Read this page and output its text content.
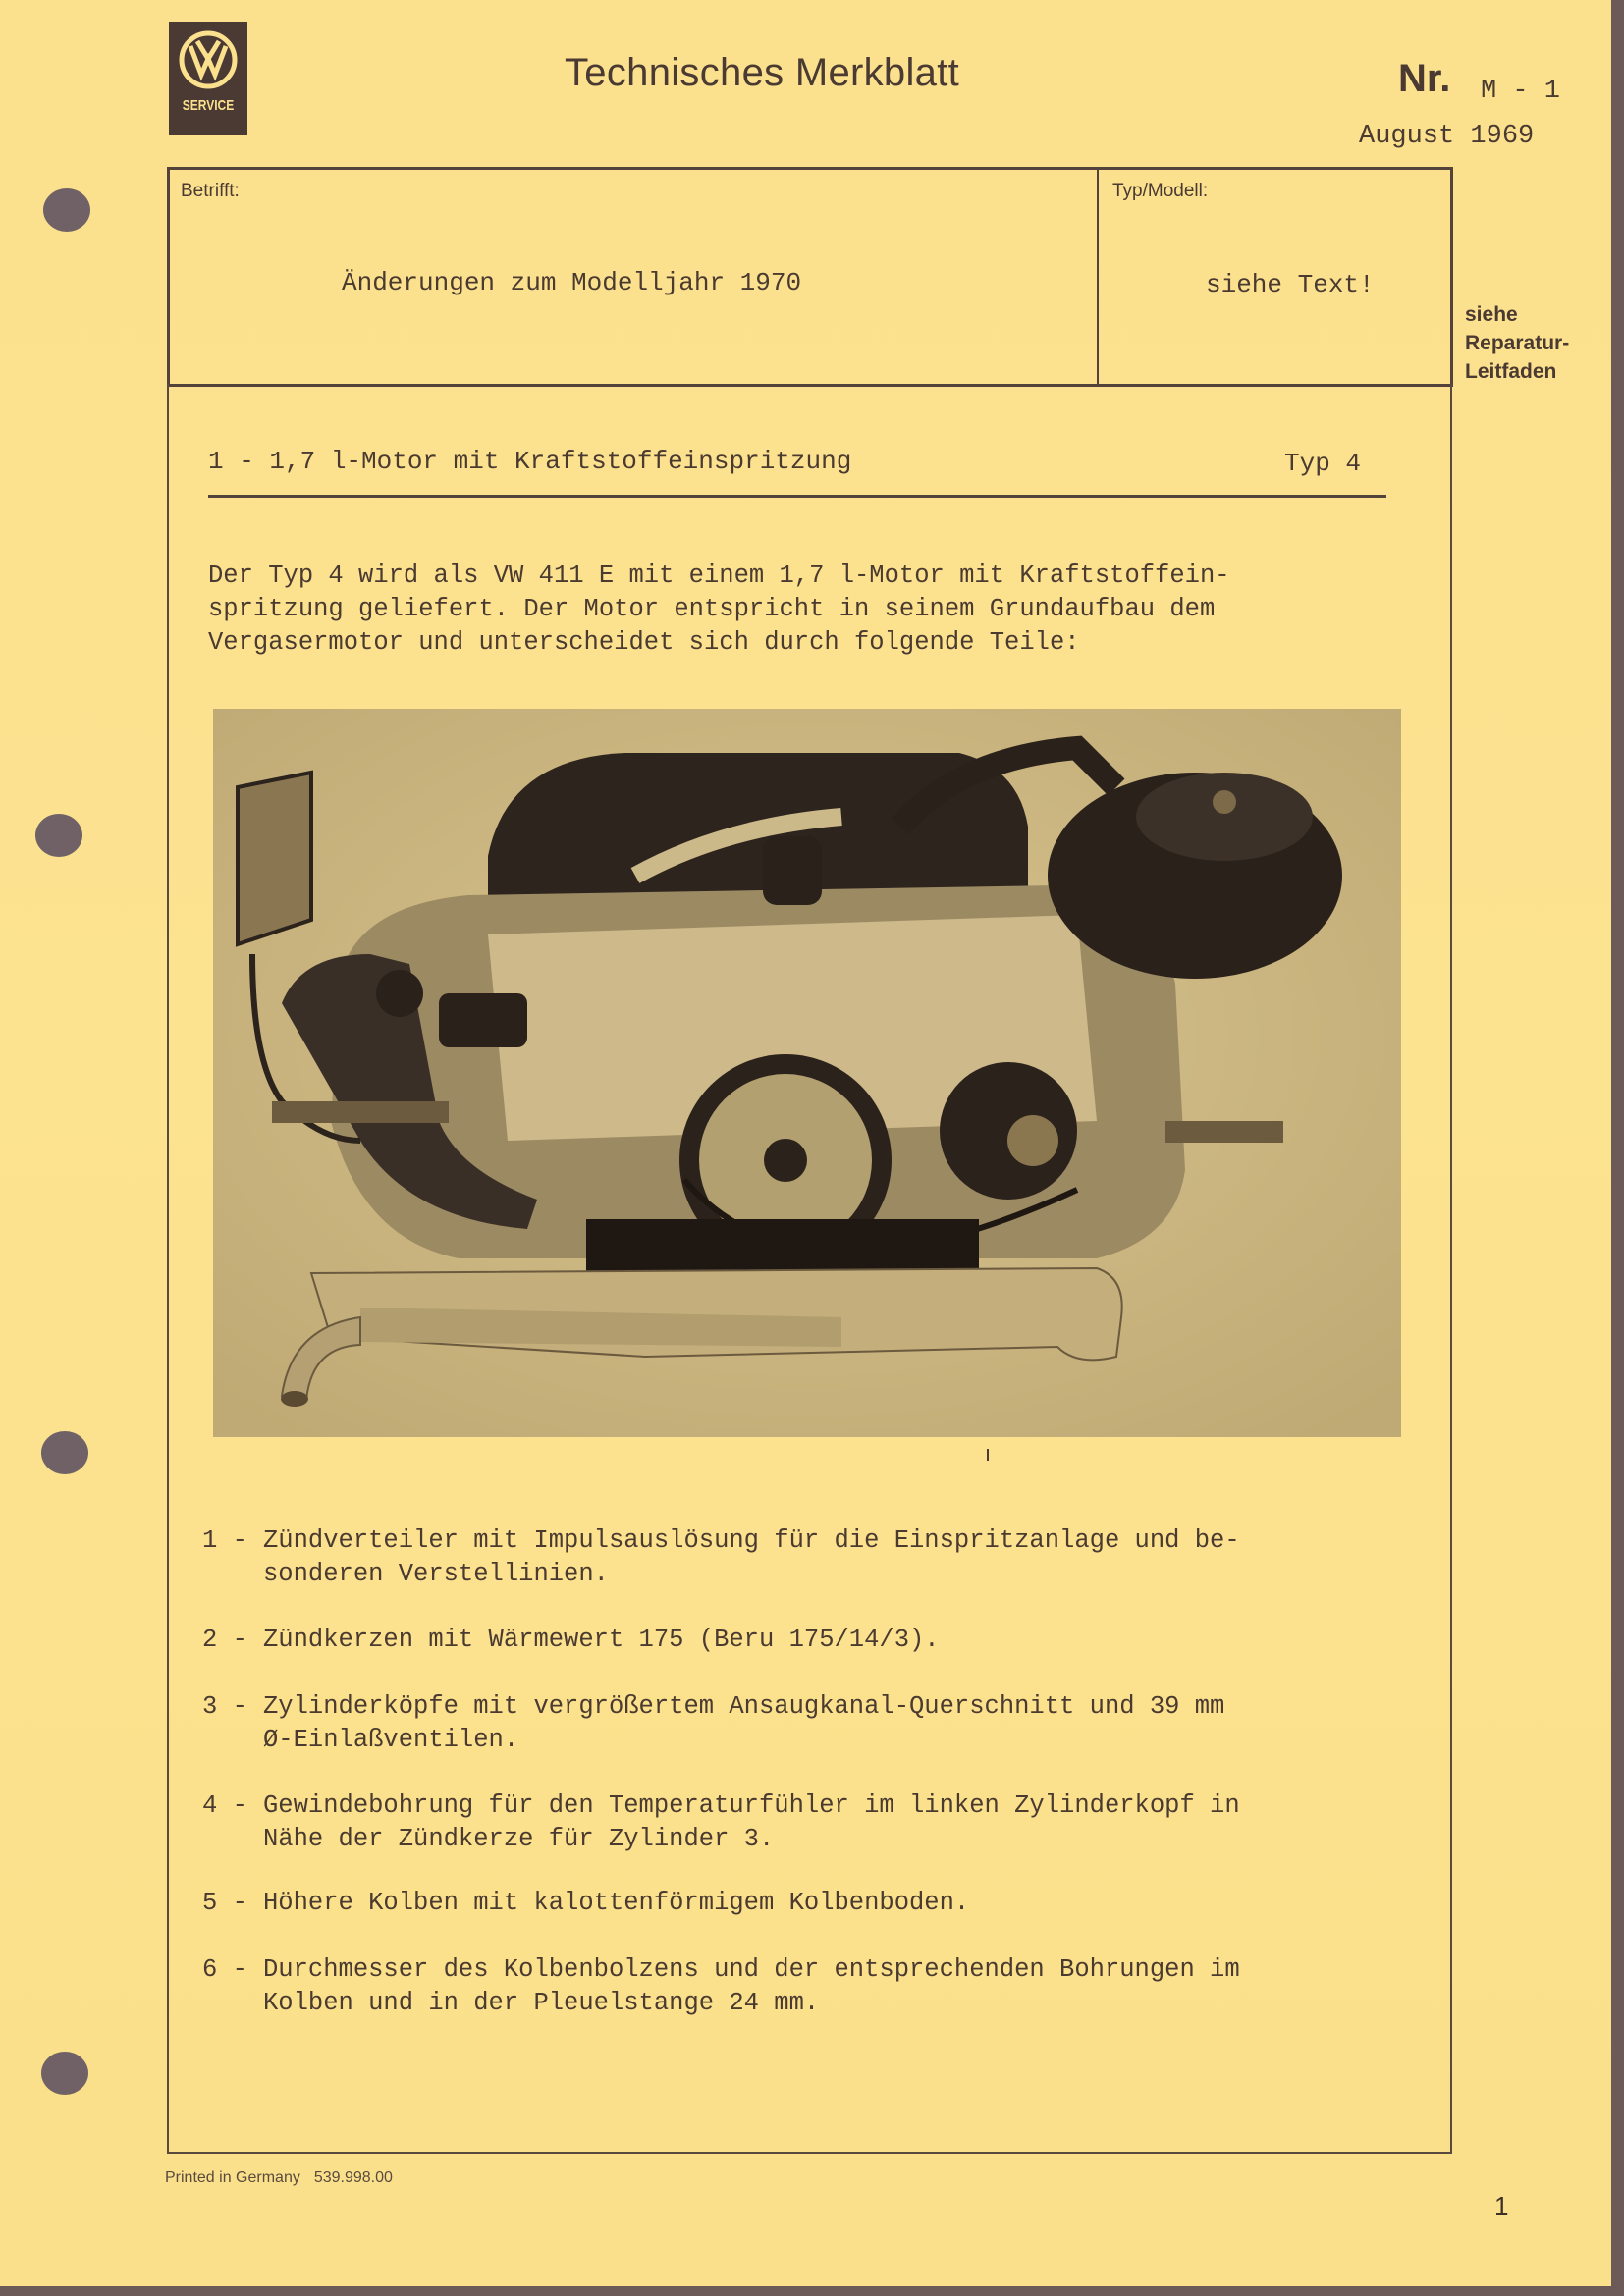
SERVICE
Technisches Merkblatt	Nr. M - 1
August 1969
Betrifft:	Typ/Modell:
Änderungen zum Modelljahr 1970	siehe Text!
siehe
Reparatur-
Leitfaden
1 - 1,7 l-Motor mit Kraftstoffeinspritzung	Typ 4
Der Typ 4 wird als VW 411 E mit einem 1,7 l-Motor mit Kraftstoffein-
spritzung geliefert. Der Motor entspricht in seinem Grundaufbau dem
Vergasermotor und unterscheidet sich durch folgende Teile:
1 - Zündverteiler mit Impulsauslösung für die Einspritzanlage und be-
sonderen Verstellinien.
2 - Zündkerzen mit Wärmewert 175 (Beru 175/14/3).
3 - Zylinderköpfe mit vergrößertem Ansaugkanal-Querschnitt und 39 mm
Ø-Einlaßventilen.
4 - Gewindebohrung für den Temperaturfühler im linken Zylinderkopf in
Nähe der Zündkerze für Zylinder 3.
5 - Höhere Kolben mit kalottenförmigem Kolbenboden.
6 - Durchmesser des Kolbenbolzens und der entsprechenden Bohrungen im
Kolben und in der Pleuelstange 24 mm.
Printed in Germany 539.998.00
1
